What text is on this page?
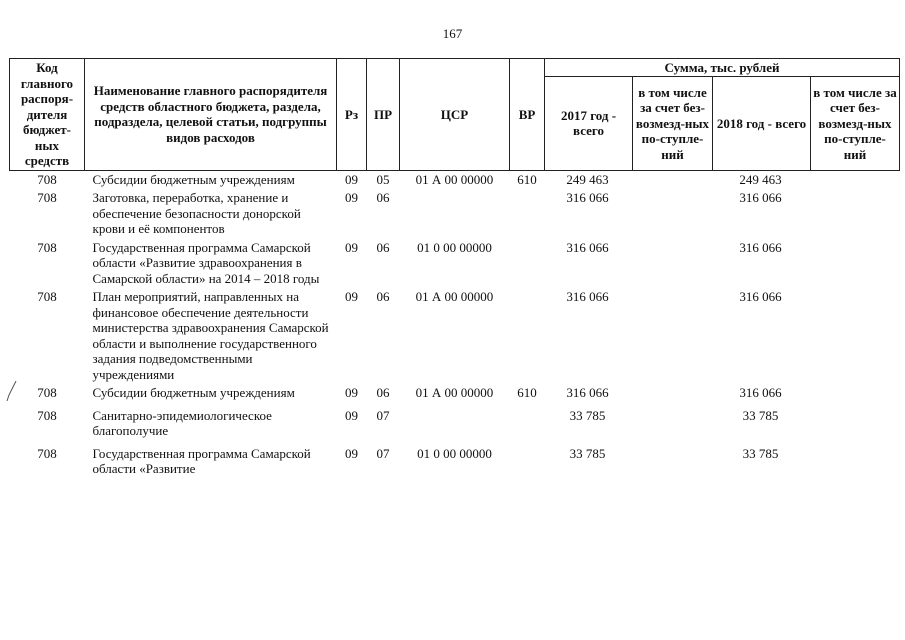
167
Код главного распоря-дителя бюджет-ных средств	Наименование главного распорядителя средств областного бюджета, раздела, подраздела, целевой статьи, подгруппы видов расходов	Рз	ПР	ЦСР	ВР	Сумма, тыс. рублей			
						2017 год - всего	в том числе за счет без-возмезд-ных по-ступле-ний	2018 год - всего	в том числе за счет без-возмезд-ных по-ступле-ний
708	Субсидии бюджетным учреждениям	09	05	01 А 00 00000	610	249 463		249 463	
708	Заготовка, переработка, хранение и обеспечение безопасности донорской крови и её компонентов	09	06			316 066		316 066	
708	Государственная программа Самарской области «Развитие здравоохранения в Самарской области» на 2014 – 2018 годы	09	06	01 0 00 00000		316 066		316 066	
708	План мероприятий, направленных на финансовое обеспечение деятельности министерства здравоохранения Самарской области и выполнение государственного задания подведомственными учреждениями	09	06	01 А 00 00000		316 066		316 066	
708	Субсидии бюджетным учреждениям	09	06	01 А 00 00000	610	316 066		316 066	
708	Санитарно-эпидемиологическое благополучие	09	07			33 785		33 785	
708	Государственная программа Самарской области «Развитие	09	07	01 0 00 00000		33 785		33 785	
